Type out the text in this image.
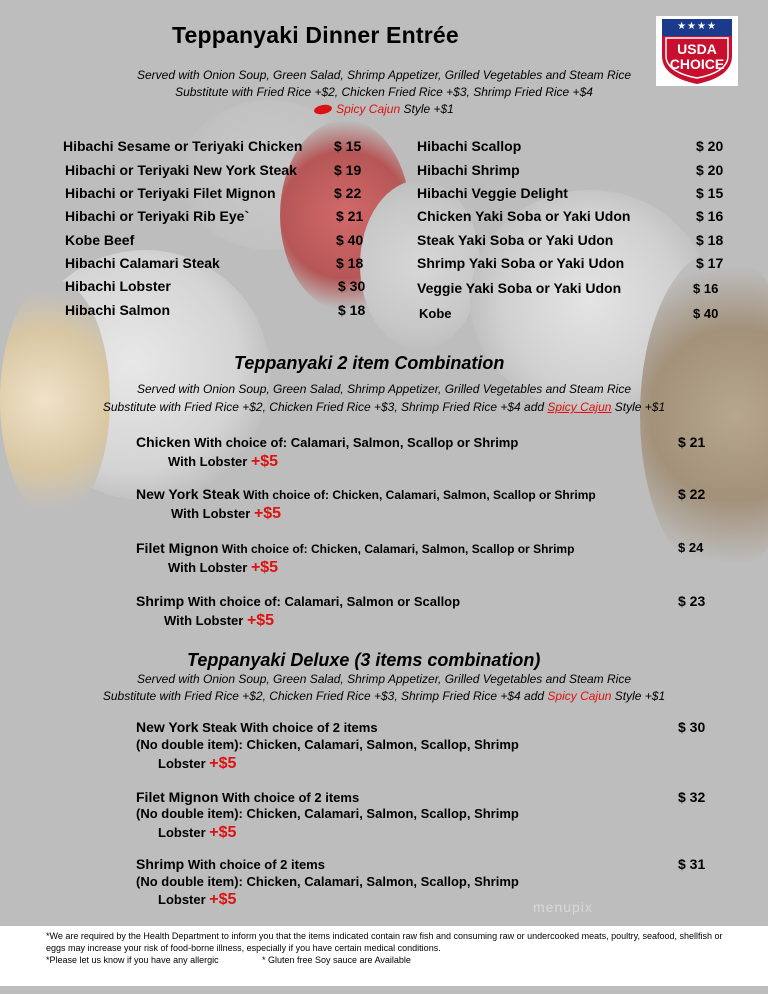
Teppanyaki Dinner Entrée	★★★★
USDA
CHOICE
Served with Onion Soup, Green Salad, Shrimp Appetizer, Grilled Vegetables and Steam Rice
Substitute with Fried Rice +$2, Chicken Fried Rice +$3, Shrimp Fried Rice +$4
Spicy Cajun Style +$1
Hibachi Sesame or Teriyaki Chicken $ 15
Hibachi or Teriyaki New York Steak	$ 19
Hibachi or Teriyaki Filet Mignon	$ 22
Hibachi or Teriyaki Rib Eye`	$ 21
Kobe Beef	$ 40
Hibachi Calamari Steak	$ 18
Hibachi Lobster	$ 30
Hibachi Salmon	$ 18
Hibachi Scallop	$ 20
Hibachi Shrimp	$ 20
Hibachi Veggie Delight	$ 15
Chicken Yaki Soba or Yaki Udon	$ 16
Steak Yaki Soba or Yaki Udon	$ 18
Shrimp Yaki Soba or Yaki Udon	$ 17
Veggie Yaki Soba or Yaki Udon	$ 16
Kobe	$ 40
Teppanyaki 2 item Combination
Served with Onion Soup, Green Salad, Shrimp Appetizer, Grilled Vegetables and Steam Rice
Substitute with Fried Rice +$2, Chicken Fried Rice +$3, Shrimp Fried Rice +$4 add Spicy Cajun Style +$1
Chicken With choice of: Calamari, Salmon, Scallop or Shrimp
With Lobster +$5
$ 21
New York Steak With choice of: Chicken, Calamari, Salmon, Scallop or Shrimp
With Lobster +$5
$ 22
Filet Mignon With choice of: Chicken, Calamari, Salmon, Scallop or Shrimp
With Lobster +$5
$ 24
Shrimp With choice of: Calamari, Salmon or Scallop
With Lobster +$5
$ 23
Teppanyaki Deluxe (3 items combination)
Served with Onion Soup, Green Salad, Shrimp Appetizer, Grilled Vegetables and Steam Rice
Substitute with Fried Rice +$2, Chicken Fried Rice +$3, Shrimp Fried Rice +$4 add Spicy Cajun Style +$1
New York Steak With choice of 2 items
(No double item): Chicken, Calamari, Salmon, Scallop, Shrimp
Lobster +$5
$ 30
Filet Mignon With choice of 2 items
(No double item): Chicken, Calamari, Salmon, Scallop, Shrimp
Lobster +$5
$ 32
Shrimp With choice of 2 items
(No double item): Chicken, Calamari, Salmon, Scallop, Shrimp
Lobster +$5
$ 31
menupix
*We are required by the Health Department to inform you that the items indicated contain raw fish and consuming raw or undercooked meats, poultry, seafood, shellfish or
eggs may increase your risk of food-borne illness, especially if you have certain medical conditions.
*Please let us know if you have any allergic	* Gluten free Soy sauce are Available
